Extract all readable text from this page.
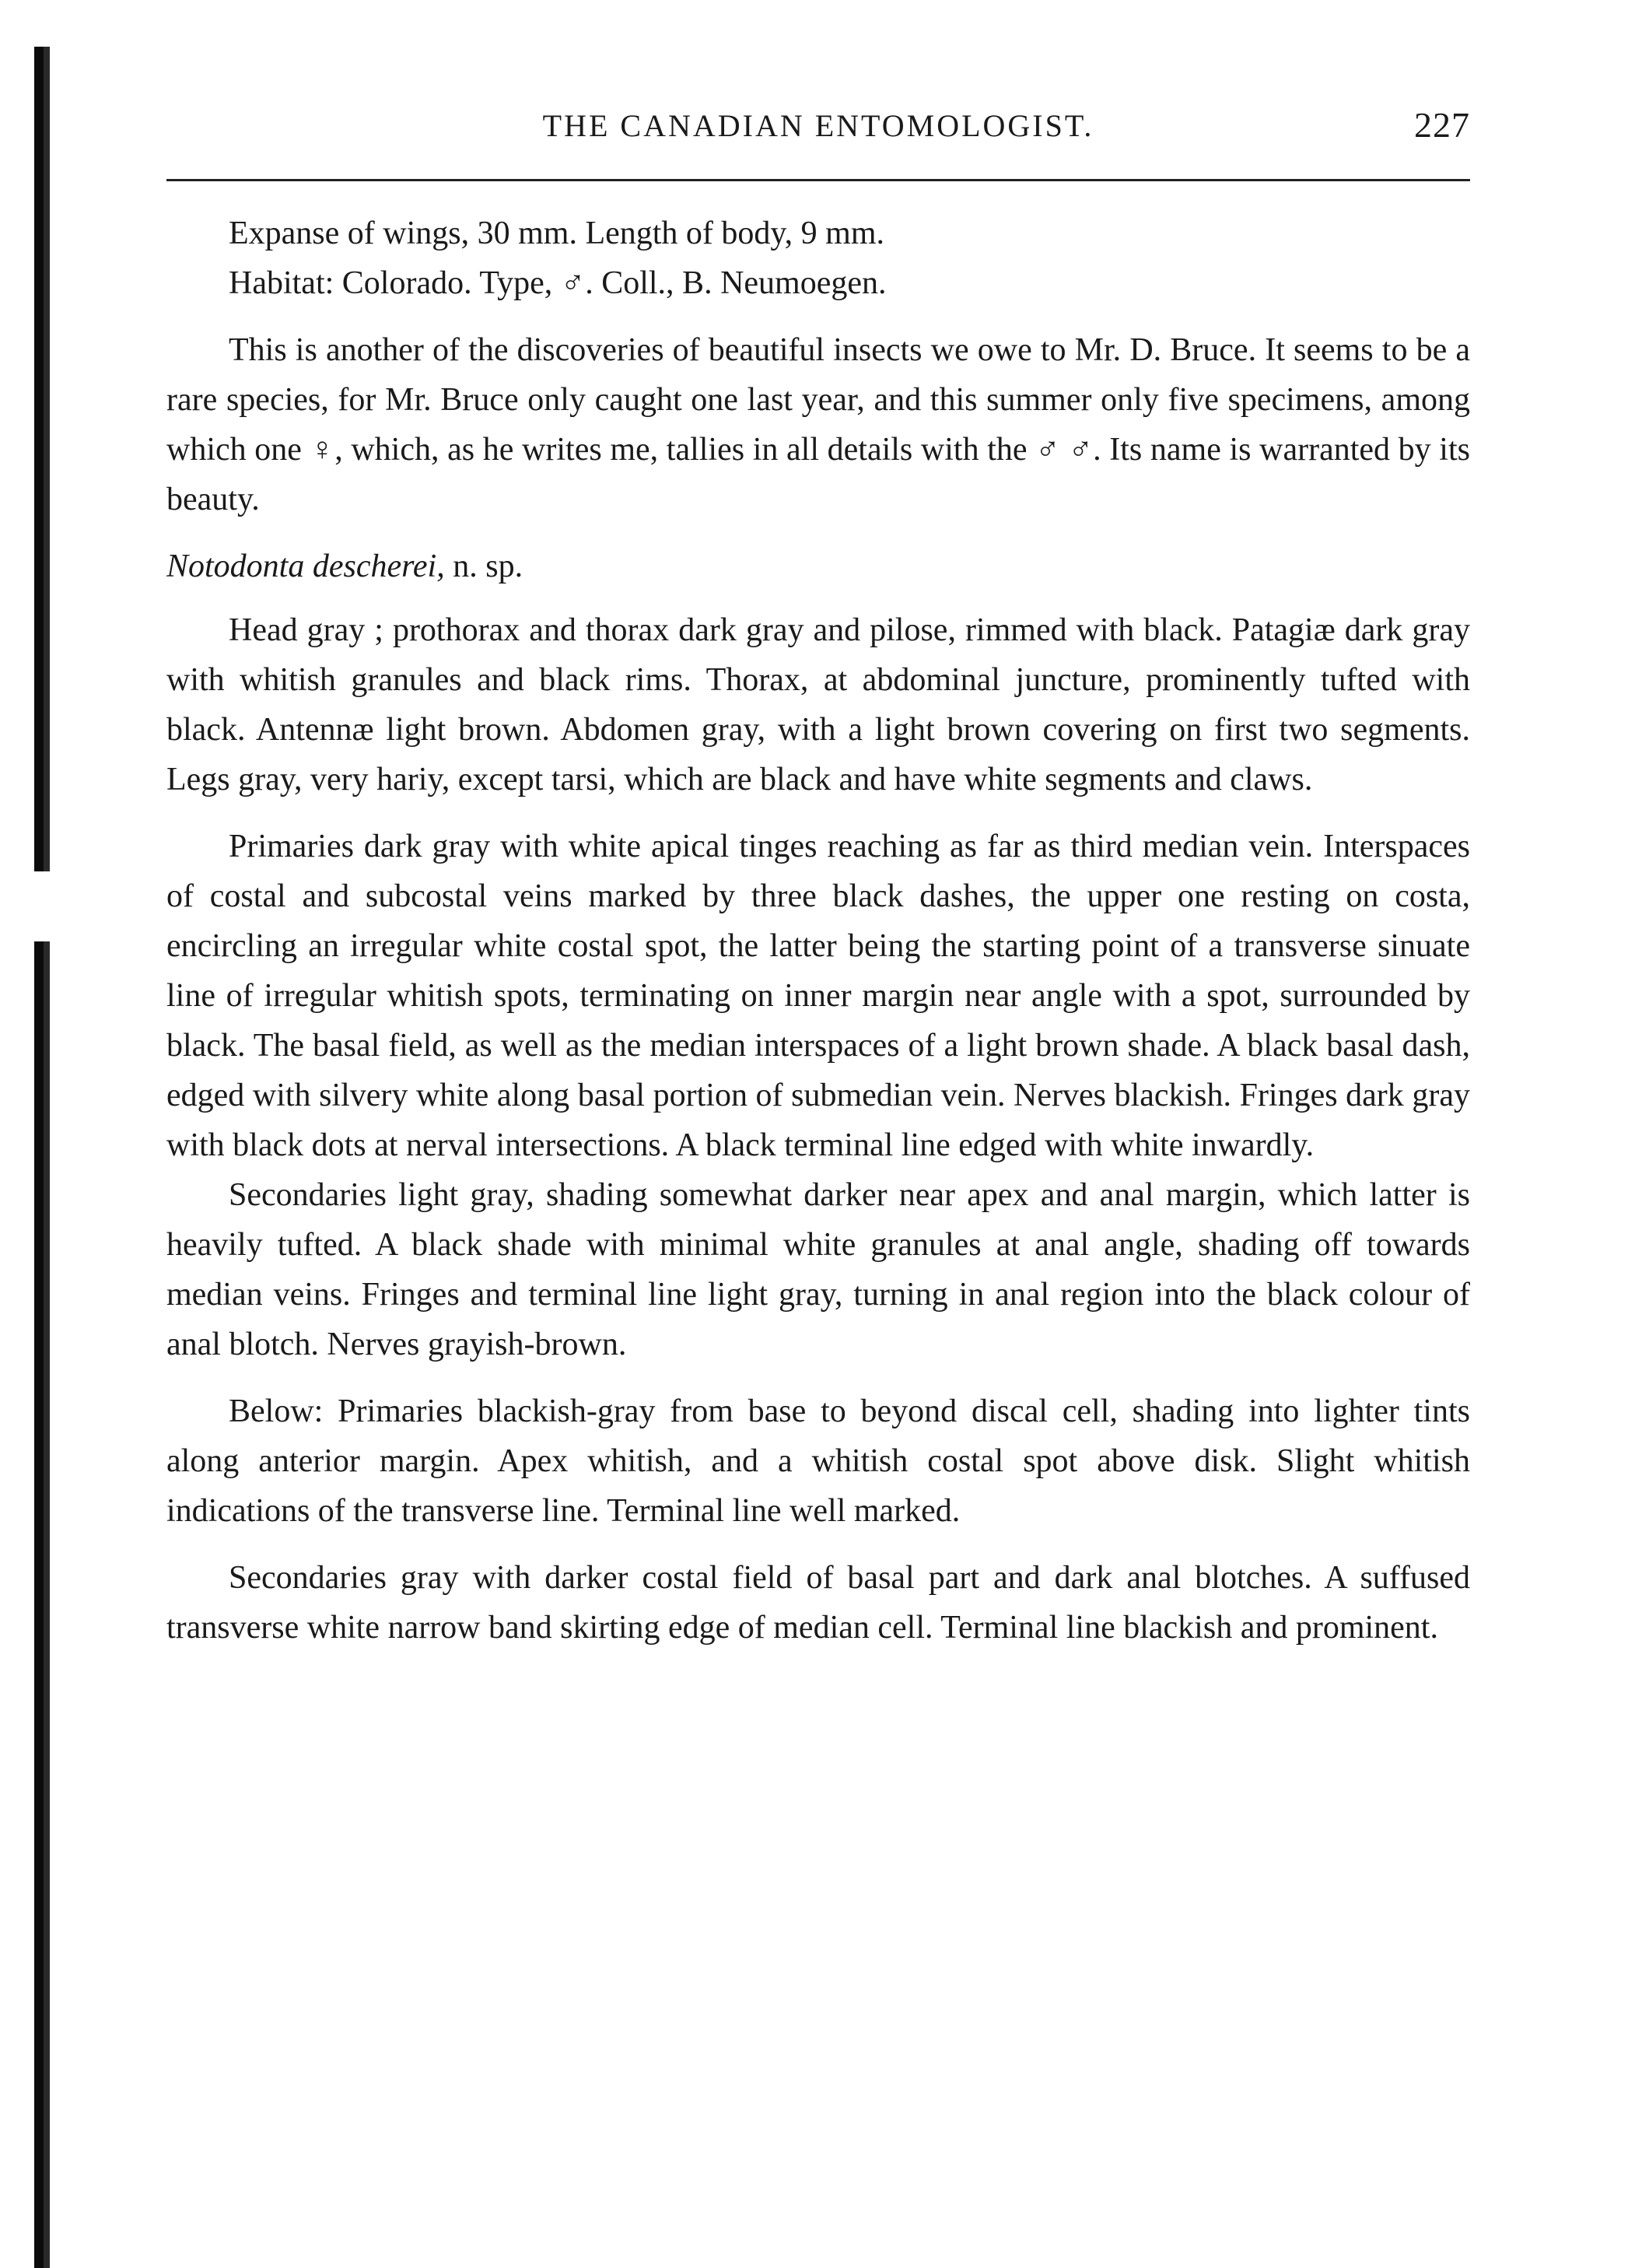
THE CANADIAN ENTOMOLOGIST.	227

Expanse of wings, 30 mm. Length of body, 9 mm.

Habitat: Colorado. Type, ♂. Coll., B. Neumoegen.

This is another of the discoveries of beautiful insects we owe to Mr. D. Bruce. It seems to be a rare species, for Mr. Bruce only caught one last year, and this summer only five specimens, among which one ♀, which, as he writes me, tallies in all details with the ♂ ♂. Its name is warranted by its beauty.

Notodonta descherei, n. sp.

Head gray ; prothorax and thorax dark gray and pilose, rimmed with black. Patagiæ dark gray with whitish granules and black rims. Thorax, at abdominal juncture, prominently tufted with black. Antennæ light brown. Abdomen gray, with a light brown covering on first two segments. Legs gray, very hariy, except tarsi, which are black and have white segments and claws.

Primaries dark gray with white apical tinges reaching as far as third median vein. Interspaces of costal and subcostal veins marked by three black dashes, the upper one resting on costa, encircling an irregular white costal spot, the latter being the starting point of a transverse sinuate line of irregular whitish spots, terminating on inner margin near angle with a spot, surrounded by black. The basal field, as well as the median interspaces of a light brown shade. A black basal dash, edged with silvery white along basal portion of submedian vein. Nerves blackish. Fringes dark gray with black dots at nerval intersections. A black terminal line edged with white inwardly.

Secondaries light gray, shading somewhat darker near apex and anal margin, which latter is heavily tufted. A black shade with minimal white granules at anal angle, shading off towards median veins. Fringes and terminal line light gray, turning in anal region into the black colour of anal blotch. Nerves grayish-brown.

Below: Primaries blackish-gray from base to beyond discal cell, shading into lighter tints along anterior margin. Apex whitish, and a whitish costal spot above disk. Slight whitish indications of the transverse line. Terminal line well marked.

Secondaries gray with darker costal field of basal part and dark anal blotches. A suffused transverse white narrow band skirting edge of median cell. Terminal line blackish and prominent.
